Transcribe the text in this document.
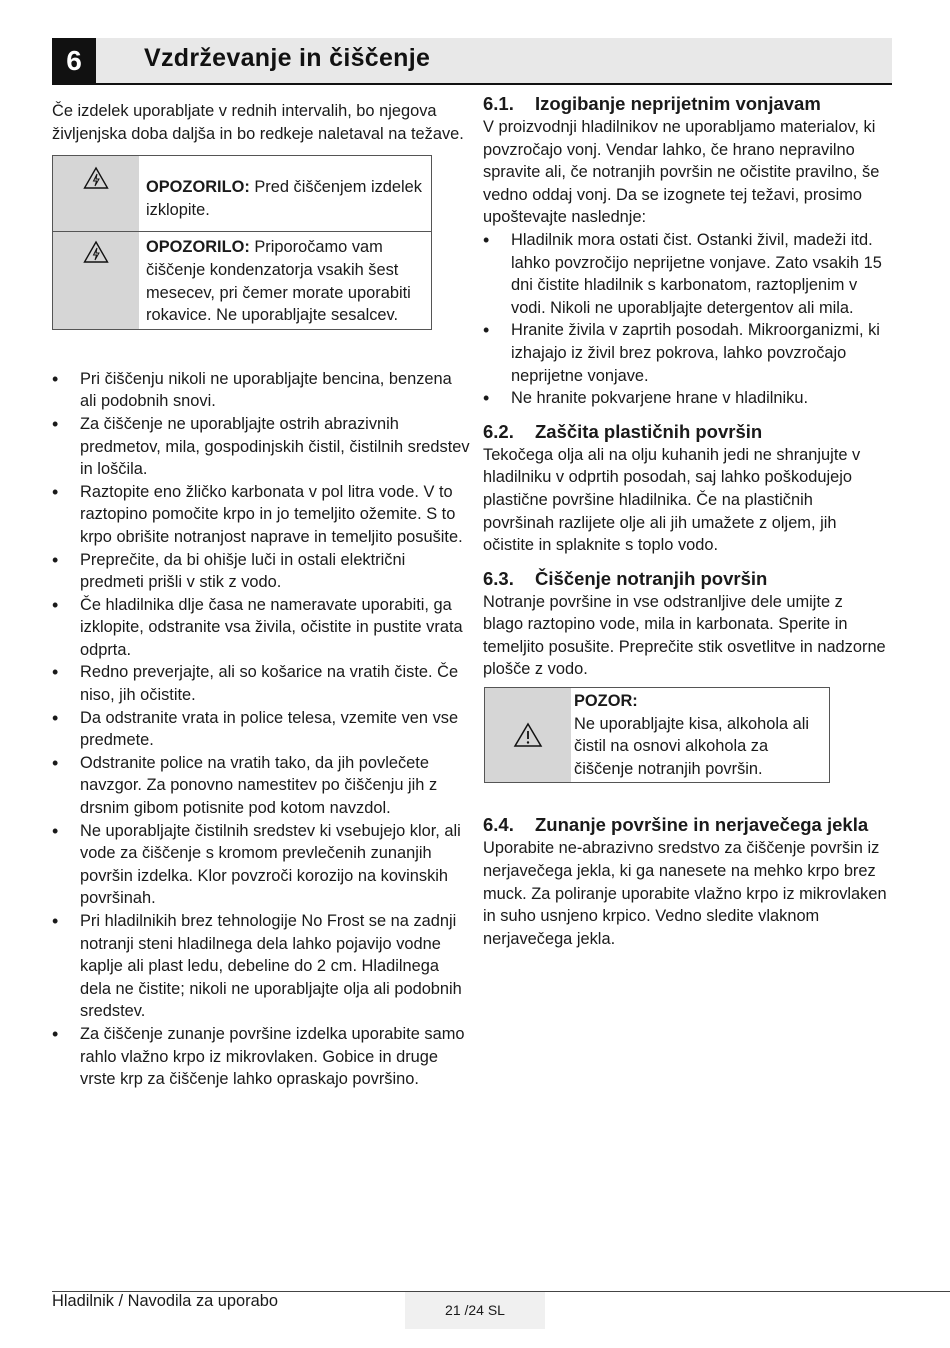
6	Vzdrževanje in čiščenje

Če izdelek uporabljate v rednih intervalih, bo njegova življenjska doba daljša in bo redkeje naletaval na težave.

OPOZORILO: Pred čiščenjem izdelek izklopite.
OPOZORILO: Priporočamo vam čiščenje kondenzatorja vsakih šest mesecev, pri čemer morate uporabiti rokavice. Ne uporabljajte sesalcev.
• Pri čiščenju nikoli ne uporabljajte bencina, benzena ali podobnih snovi.
• Za čiščenje ne uporabljajte ostrih abrazivnih predmetov, mila, gospodinjskih čistil, čistilnih sredstev in loščila.
• Raztopite eno žličko karbonata v pol litra vode. V to raztopino pomočite krpo in jo temeljito ožemite. S to krpo obrišite notranjost naprave in temeljito posušite.
• Preprečite, da bi ohišje luči in ostali električni predmeti prišli v stik z vodo.
• Če hladilnika dlje časa ne nameravate uporabiti, ga izklopite, odstranite vsa živila, očistite in pustite vrata odprta.
• Redno preverjajte, ali so košarice na vratih čiste. Če niso, jih očistite.
• Da odstranite vrata in police telesa, vzemite ven vse predmete.
• Odstranite police na vratih tako, da jih povlečete navzgor. Za ponovno namestitev po čiščenju jih z drsnim gibom potisnite pod kotom navzdol.
• Ne uporabljajte čistilnih sredstev ki vsebujejo klor, ali vode za čiščenje s kromom prevlečenih zunanjih površin izdelka. Klor povzroči korozijo na kovinskih površinah.
• Pri hladilnikih brez tehnologije No Frost se na zadnji notranji steni hladilnega dela lahko pojavijo vodne kaplje ali plast ledu, debeline do 2 cm. Hladilnega dela ne čistite; nikoli ne uporabljajte olja ali podobnih sredstev.
• Za čiščenje zunanje površine izdelka uporabite samo rahlo vlažno krpo iz mikrovlaken. Gobice in druge vrste krp za čiščenje lahko opraskajo površino.
6.1.	Izogibanje neprijetnim vonjavam

V proizvodnji hladilnikov ne uporabljamo materialov, ki povzročajo vonj. Vendar lahko, če hrano nepravilno spravite ali, če notranjih površin ne očistite pravilno, še vedno oddaj vonj. Da se izognete tej težavi, prosimo upoštevajte naslednje:

• Hladilnik mora ostati čist. Ostanki živil, madeži itd. lahko povzročijo neprijetne vonjave. Zato vsakih 15 dni čistite hladilnik s karbonatom, raztopljenim v vodi. Nikoli ne uporabljajte detergentov ali mila.
• Hranite živila v zaprtih posodah. Mikroorganizmi, ki izhajajo iz živil brez pokrova, lahko povzročajo neprijetne vonjave.
• Ne hranite pokvarjene hrane v hladilniku.
6.2.	Zaščita plastičnih površin

Tekočega olja ali na olju kuhanih jedi ne shranjujte v hladilniku v odprtih posodah, saj lahko poškodujejo plastične površine hladilnika. Če na plastičnih površinah razlijete olje ali jih umažete z oljem, jih očistite in splaknite s toplo vodo.

6.3.	Čiščenje notranjih površin

Notranje površine in vse odstranljive dele umijte z blago raztopino vode, mila in karbonata. Sperite in temeljito posušite. Preprečite stik osvetlitve in nadzorne plošče z vodo.

POZOR:
Ne uporabljajte kisa, alkohola ali čistil na osnovi alkohola za čiščenje notranjih površin.
6.4.	Zunanje površine in nerjavečega jekla

Uporabite ne-abrazivno sredstvo za čiščenje površin iz nerjavečega jekla, ki ga nanesete na mehko krpo brez muck. Za poliranje uporabite vlažno krpo iz mikrovlaken in suho usnjeno krpico. Vedno sledite vlaknom nerjavečega jekla.

Hladilnik / Navodila za uporabo	21 /24 SL
